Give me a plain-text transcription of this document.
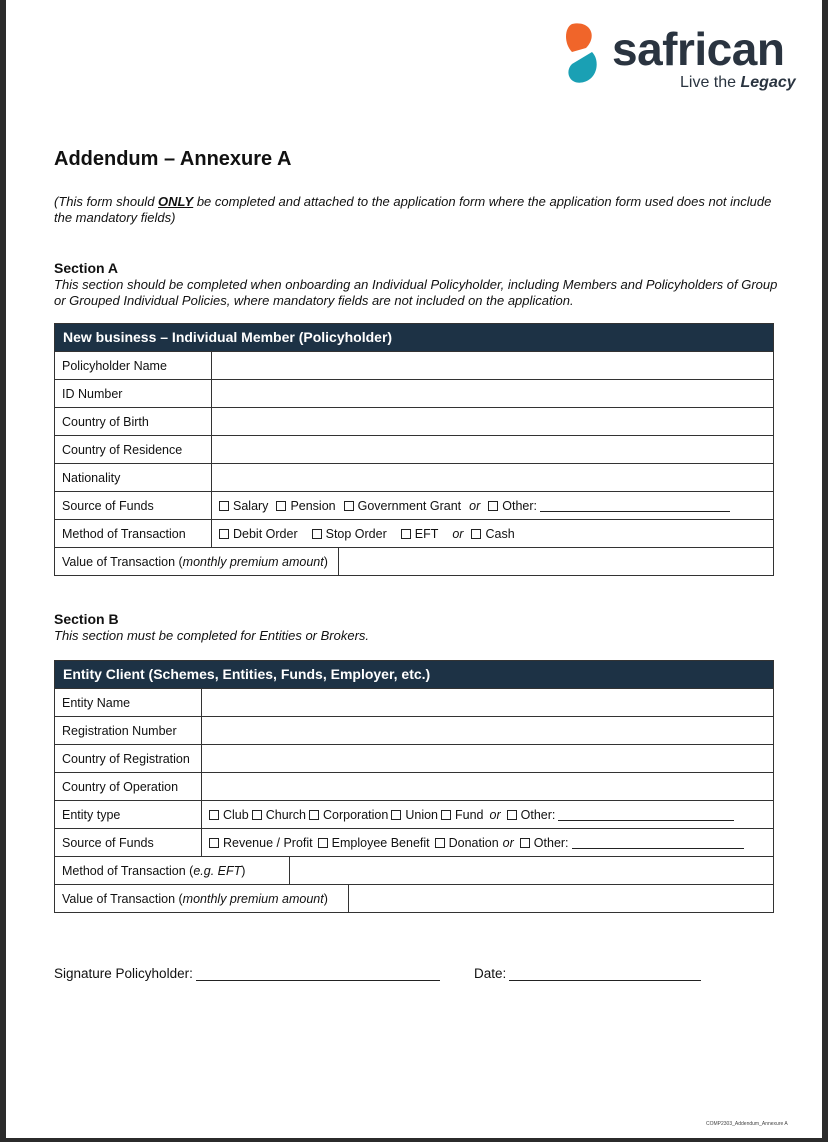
safrican
Live the Legacy
Addendum – Annexure A
(This form should ONLY be completed and attached to the application form where the application form used does not include the mandatory fields)
Section A
This section should be completed when onboarding an Individual Policyholder, including Members and Policyholders of Group or Grouped Individual Policies, where mandatory fields are not included on the application.
New business – Individual Member (Policyholder)
Policyholder Name
ID Number
Country of Birth
Country of Residence
Nationality
Source of Funds	Salary Pension Government Grant or Other:
Method of Transaction	Debit Order Stop Order EFT or Cash
Value of Transaction ( monthly premium amount )
Section B
This section must be completed for Entities or Brokers.
Entity Client (Schemes, Entities, Funds, Employer, etc.)
Entity Name
Registration Number
Country of Registration
Country of Operation
Entity type	Club Church Corporation Union Fund or Other:
Source of Funds	Revenue / Profit Employee Benefit Donation or Other:
Method of Transaction ( e.g. EFT )
Value of Transaction ( monthly premium amount )
Signature Policyholder:	Date:
COMP2303_Addendum_Annexure A
